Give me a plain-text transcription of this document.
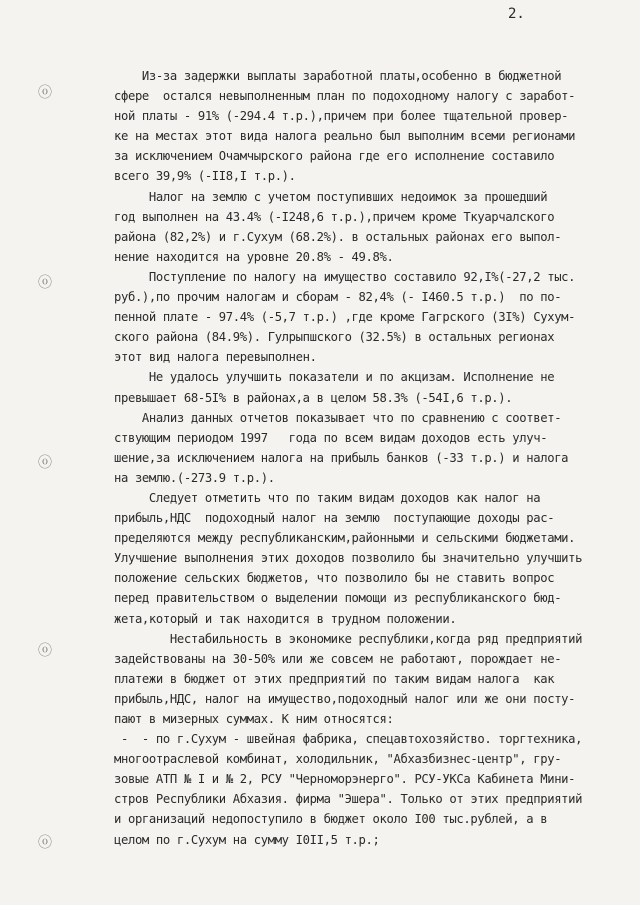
2.
ⓞ
ⓞ
ⓞ
ⓞ
ⓞ
Из-за задержки выплаты заработной платы,особенно в бюджетной
сфере  остался невыполненным план по подоходному налогу с заработ-
ной платы - 91% (-294.4 т.р.),причем при более тщательной провер-
ке на местах этот вида налога реально был выполним всеми регионами
за исключением Очамчырского района где его исполнение составило
всего 39,9% (-II8,I т.р.).
Налог на землю с учетом поступивших недоимок за прошедший
год выполнен на 43.4% (-I248,6 т.р.),причем кроме Ткуарчалского
района (82,2%) и г.Сухум (68.2%). в остальных районах его выпол-
нение находится на уровне 20.8% - 49.8%.
Поступление по налогу на имущество составило 92,I%(-27,2 тыс.
руб.),по прочим налогам и сборам - 82,4% (- I460.5 т.р.)  по по-
пенной плате - 97.4% (-5,7 т.р.) ,где кроме Гагрского (3I%) Сухум-
ского района (84.9%). Гулрыпшского (32.5%) в остальных регионах
этот вид налога перевыполнен.
Не удалось улучшить показатели и по акцизам. Исполнение не
превышает 68-5I% в районах,а в целом 58.3% (-54I,6 т.р.).
Анализ данных отчетов показывает что по сравнению с соответ-
ствующим периодом 1997   года по всем видам доходов есть улуч-
шение,за исключением налога на прибыль банков (-33 т.р.) и налога
на землю.(-273.9 т.р.).
Следует отметить что по таким видам доходов как налог на
прибыль,НДС  подоходный налог на землю  поступающие доходы рас-
пределяются между республиканским,районными и сельскими бюджетами.
Улучшение выполнения этих доходов позволило бы значительно улучшить
положение сельских бюджетов, что позволило бы не ставить вопрос
перед правительством о выделении помощи из республиканского бюд-
жета,который и так находится в трудном положении.
Нестабильность в экономике республики,когда ряд предприятий
задействованы на 30-50% или же совсем не работают, порождает не-
платежи в бюджет от этих предприятий по таким видам налога  как
прибыль,НДС, налог на имущество,подоходный налог или же они посту-
пают в мизерных суммах. К ним относятся:
-  - по г.Сухум - швейная фабрика, спецавтохозяйство. торгтехника,
многоотраслевой комбинат, холодильник, "Абхазбизнес-центр", гру-
зовые АТП № I и № 2, РСУ "Черноморэнерго". РСУ-УКСа Кабинета Мини-
стров Республики Абхазия. фирма "Эшера". Только от этих предприятий
и организаций недопоступило в бюджет около I00 тыс.рублей, а в
целом по г.Сухум на сумму I0II,5 т.р.;
